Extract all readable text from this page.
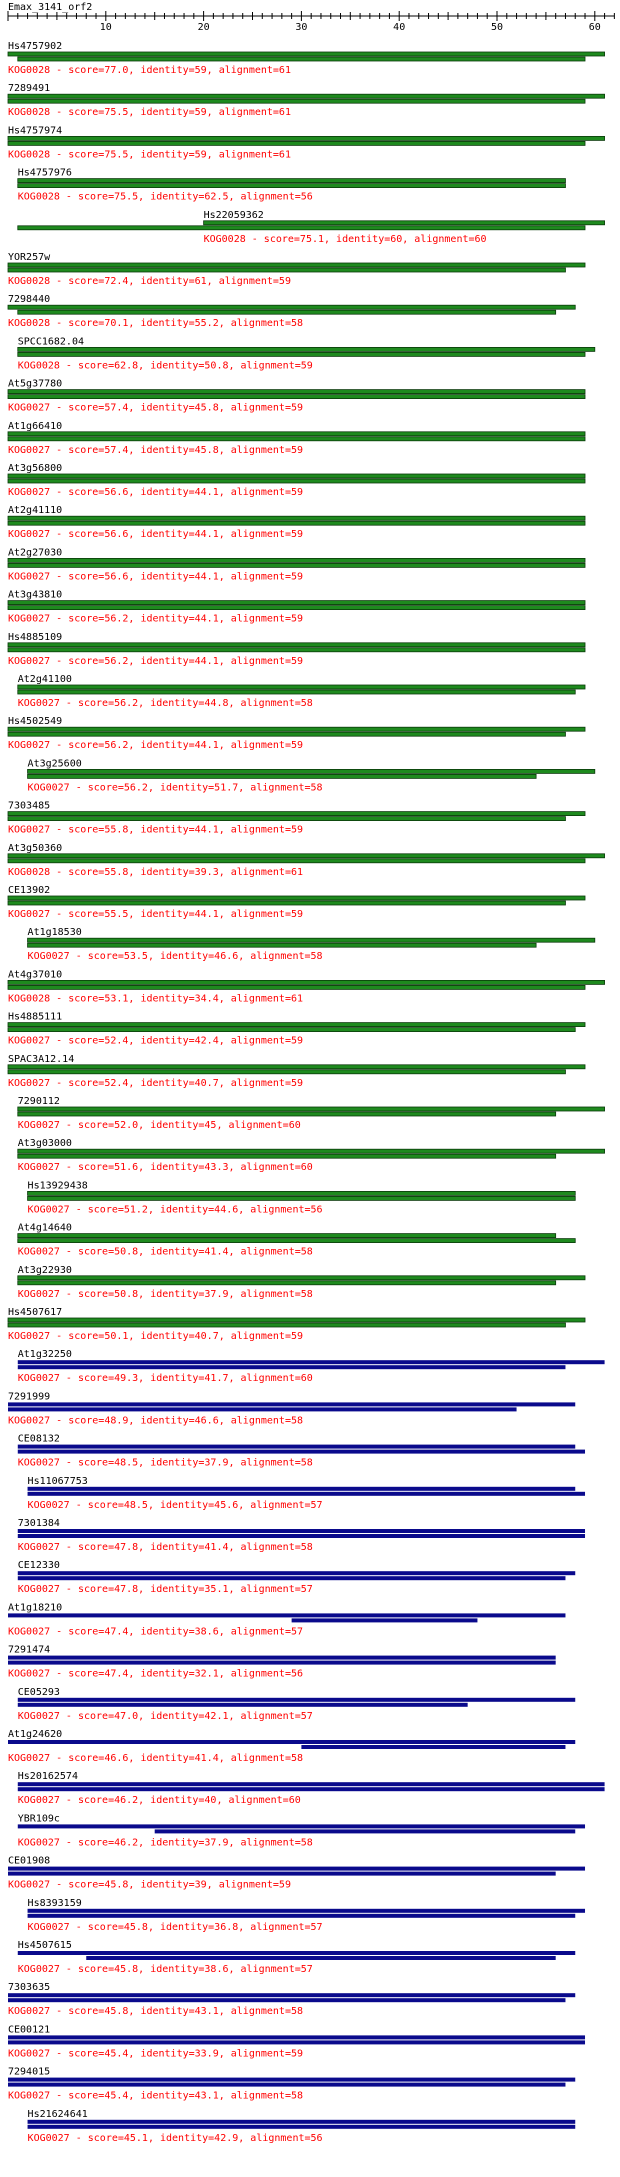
Emax_3141_orf2
10	20	30	40	50	60
Hs4757902
KOG0028 - score=77.0, identity=59, alignment=61
7289491
KOG0028 - score=75.5, identity=59, alignment=61
Hs4757974
KOG0028 - score=75.5, identity=59, alignment=61
Hs4757976
KOG0028 - score=75.5, identity=62.5, alignment=56
Hs22059362
KOG0028 - score=75.1, identity=60, alignment=60
YOR257w
KOG0028 - score=72.4, identity=61, alignment=59
7298440
KOG0028 - score=70.1, identity=55.2, alignment=58
SPCC1682.04
KOG0028 - score=62.8, identity=50.8, alignment=59
At5g37780
KOG0027 - score=57.4, identity=45.8, alignment=59
At1g66410
KOG0027 - score=57.4, identity=45.8, alignment=59
At3g56800
KOG0027 - score=56.6, identity=44.1, alignment=59
At2g41110
KOG0027 - score=56.6, identity=44.1, alignment=59
At2g27030
KOG0027 - score=56.6, identity=44.1, alignment=59
At3g43810
KOG0027 - score=56.2, identity=44.1, alignment=59
Hs4885109
KOG0027 - score=56.2, identity=44.1, alignment=59
At2g41100
KOG0027 - score=56.2, identity=44.8, alignment=58
Hs4502549
KOG0027 - score=56.2, identity=44.1, alignment=59
At3g25600
KOG0027 - score=56.2, identity=51.7, alignment=58
7303485
KOG0027 - score=55.8, identity=44.1, alignment=59
At3g50360
KOG0028 - score=55.8, identity=39.3, alignment=61
CE13902
KOG0027 - score=55.5, identity=44.1, alignment=59
At1g18530
KOG0027 - score=53.5, identity=46.6, alignment=58
At4g37010
KOG0028 - score=53.1, identity=34.4, alignment=61
Hs4885111
KOG0027 - score=52.4, identity=42.4, alignment=59
SPAC3A12.14
KOG0027 - score=52.4, identity=40.7, alignment=59
7290112
KOG0027 - score=52.0, identity=45, alignment=60
At3g03000
KOG0027 - score=51.6, identity=43.3, alignment=60
Hs13929438
KOG0027 - score=51.2, identity=44.6, alignment=56
At4g14640
KOG0027 - score=50.8, identity=41.4, alignment=58
At3g22930
KOG0027 - score=50.8, identity=37.9, alignment=58
Hs4507617
KOG0027 - score=50.1, identity=40.7, alignment=59
At1g32250
KOG0027 - score=49.3, identity=41.7, alignment=60
7291999
KOG0027 - score=48.9, identity=46.6, alignment=58
CE08132
KOG0027 - score=48.5, identity=37.9, alignment=58
Hs11067753
KOG0027 - score=48.5, identity=45.6, alignment=57
7301384
KOG0027 - score=47.8, identity=41.4, alignment=58
CE12330
KOG0027 - score=47.8, identity=35.1, alignment=57
At1g18210
KOG0027 - score=47.4, identity=38.6, alignment=57
7291474
KOG0027 - score=47.4, identity=32.1, alignment=56
CE05293
KOG0027 - score=47.0, identity=42.1, alignment=57
At1g24620
KOG0027 - score=46.6, identity=41.4, alignment=58
Hs20162574
KOG0027 - score=46.2, identity=40, alignment=60
YBR109c
KOG0027 - score=46.2, identity=37.9, alignment=58
CE01908
KOG0027 - score=45.8, identity=39, alignment=59
Hs8393159
KOG0027 - score=45.8, identity=36.8, alignment=57
Hs4507615
KOG0027 - score=45.8, identity=38.6, alignment=57
7303635
KOG0027 - score=45.8, identity=43.1, alignment=58
CE00121
KOG0027 - score=45.4, identity=33.9, alignment=59
7294015
KOG0027 - score=45.4, identity=43.1, alignment=58
Hs21624641
KOG0027 - score=45.1, identity=42.9, alignment=56
